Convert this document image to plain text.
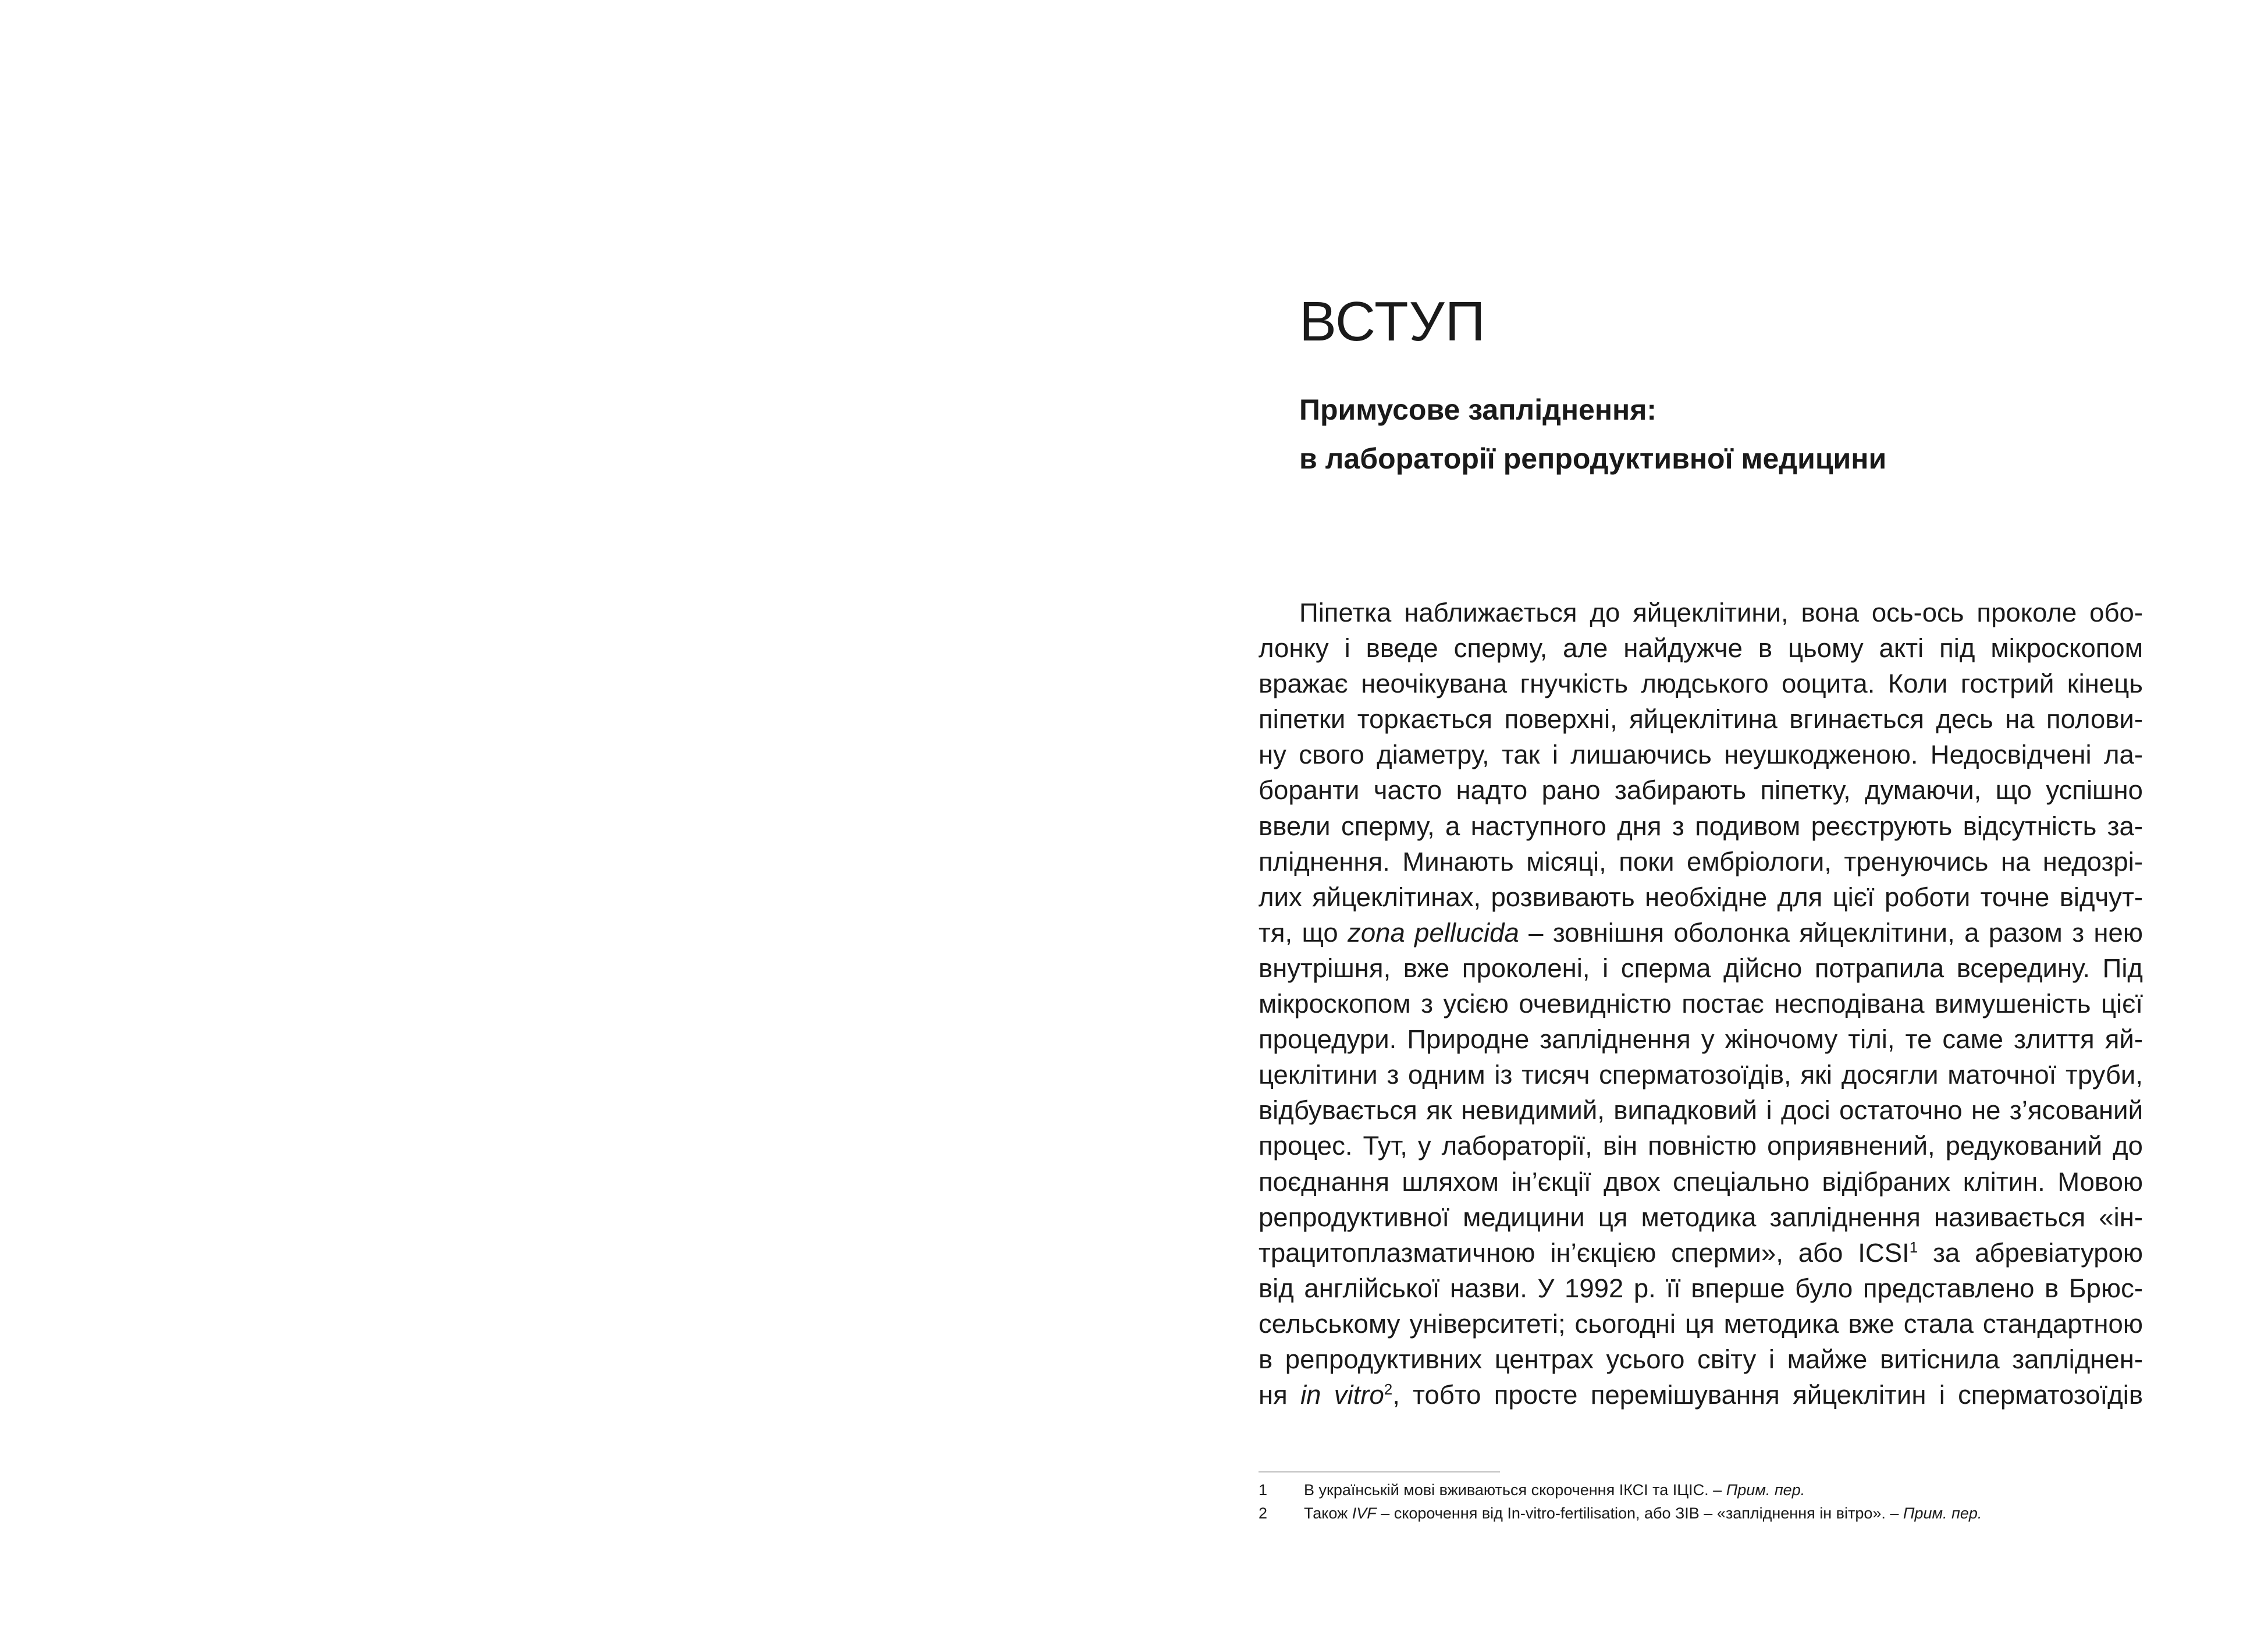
ВСТУП
Примусове запліднення:
в лабораторії репродуктивної медицини
Піпетка наближається до яйцеклітини, вона ось-ось проколе обо-
лонку і введе сперму, але найдужче в цьому акті під мікроскопом
вражає неочікувана гнучкість людського ооцита. Коли гострий кінець
піпетки торкається поверхні, яйцеклітина вгинається десь на полови-
ну свого діаметру, так і лишаючись неушкодженою. Недосвідчені ла-
боранти часто надто рано забирають піпетку, думаючи, що успішно
ввели сперму, а наступного дня з подивом реєструють відсутність за-
пліднення. Минають місяці, поки ембріологи, тренуючись на недозрі-
лих яйцеклітинах, розвивають необхідне для цієї роботи точне відчут-
тя, що zona pellucida – зовнішня оболонка яйцеклітини, а разом з нею
внутрішня, вже проколені, і сперма дійсно потрапила всередину. Під
мікроскопом з усією очевидністю постає несподівана вимушеність цієї
процедури. Природне запліднення у жіночому тілі, те саме злиття яй-
цеклітини з одним із тисяч сперматозоїдів, які досягли маточної труби,
відбувається як невидимий, випадковий і досі остаточно не з’ясований
процес. Тут, у лабораторії, він повністю оприявнений, редукований до
поєднання шляхом ін’єкції двох спеціально відібраних клітин. Мовою
репродуктивної медицини ця методика запліднення називається «ін-
трацитоплазматичною ін’єкцією сперми», або ICSI$^1$ за абревіатурою
від англійської назви. У 1992 р. її вперше було представлено в Брюс-
сельському університеті; сьогодні ця методика вже стала стандартною
в репродуктивних центрах усього світу і майже витіснила запліднен-
ня in vitro$^2$, тобто просте перемішування яйцеклітин і сперматозоїдів
1	В українській мові вживаються скорочення ІКСІ та ІЦІС. – Прим. пер.
2	Також IVF – скорочення від In-vitro-fertilisation, або ЗІВ – «запліднення ін вітро». – Прим. пер.
